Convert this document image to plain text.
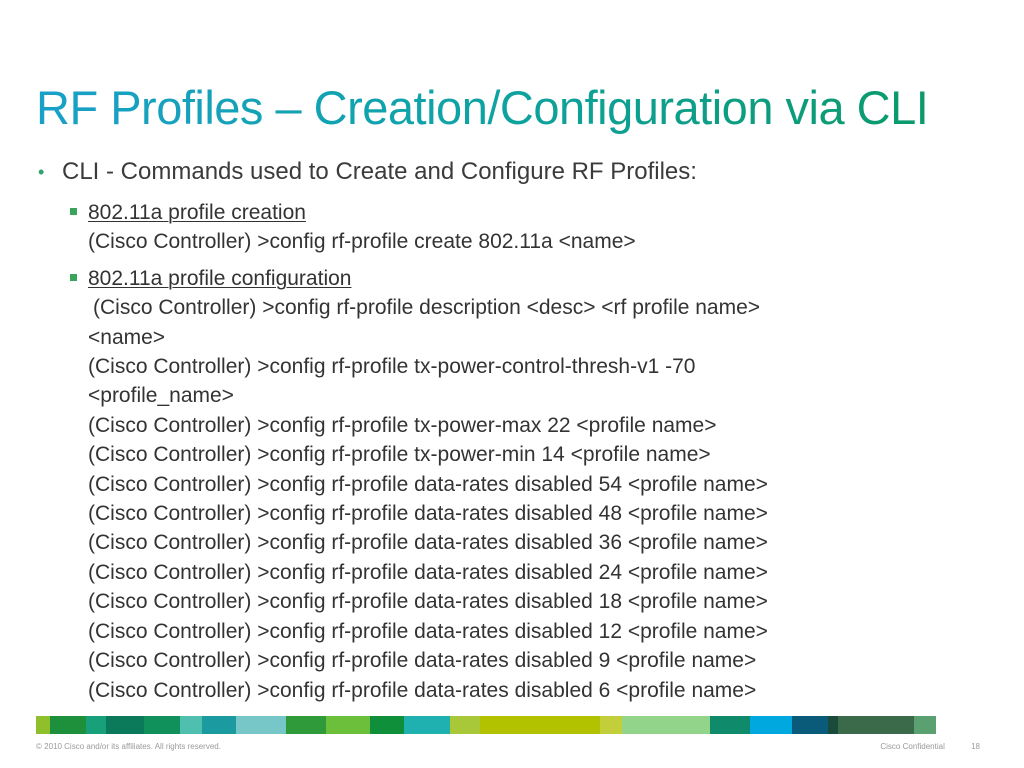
RF Profiles – Creation/Configuration via CLI
• CLI - Commands used to Create and Configure RF Profiles:
802.11a profile creation
(Cisco Controller) >config rf-profile create 802.11a <name>
802.11a profile configuration
(Cisco Controller) >config rf-profile description <desc> <rf profile name>
<name>
(Cisco Controller) >config rf-profile tx-power-control-thresh-v1 -70
<profile_name>
(Cisco Controller) >config rf-profile tx-power-max 22 <profile name>
(Cisco Controller) >config rf-profile tx-power-min 14 <profile name>
(Cisco Controller) >config rf-profile data-rates disabled 54 <profile name>
(Cisco Controller) >config rf-profile data-rates disabled 48 <profile name>
(Cisco Controller) >config rf-profile data-rates disabled 36 <profile name>
(Cisco Controller) >config rf-profile data-rates disabled 24 <profile name>
(Cisco Controller) >config rf-profile data-rates disabled 18 <profile name>
(Cisco Controller) >config rf-profile data-rates disabled 12 <profile name>
(Cisco Controller) >config rf-profile data-rates disabled 9 <profile name>
(Cisco Controller) >config rf-profile data-rates disabled 6 <profile name>
© 2010 Cisco and/or its affiliates. All rights reserved.	Cisco Confidential	18
